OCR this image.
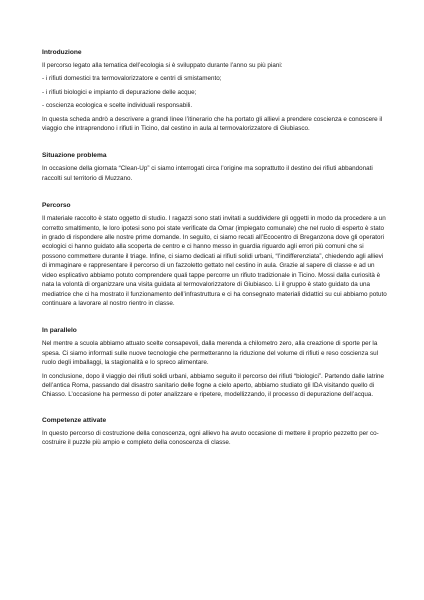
Introduzione
Il percorso legato alla tematica dell’ecologia si è sviluppato durante l’anno su più piani:
- i rifiuti domestici tra termovalorizzatore e centri di smistamento;
- i rifiuti biologici e impianto di depurazione delle acque;
- coscienza ecologica e scelte individuali responsabili.
In questa scheda andrò a descrivere a grandi linee l’itinerario che ha portato gli allievi a prendere coscienza e conoscere il viaggio che intraprendono i rifiuti in Ticino, dal cestino in aula al termovalorizzatore di Giubiasco.
Situazione problema
In occasione della giornata “Clean-Up” ci siamo interrogati circa l’origine ma soprattutto il destino dei rifiuti abbandonati raccolti sul territorio di Muzzano.
Percorso
Il materiale raccolto è stato oggetto di studio. I ragazzi sono stati invitati a suddividere gli oggetti in modo da procedere a un corretto smaltimento, le loro ipotesi sono poi state verificate da Omar (impiegato comunale) che nel ruolo di esperto è stato in grado di rispondere alle nostre prime domande. In seguito, ci siamo recati all’Ecocentro di Breganzona dove gli operatori ecologici ci hanno guidato alla scoperta de centro e ci hanno messo in guardia riguardo agli errori più comuni che si possono commettere durante il triage. Infine, ci siamo dedicati ai rifiuti solidi urbani, “l’indifferenziata”, chiedendo agli allievi di immaginare e rappresentare il percorso di un fazzoletto gettato nel cestino in aula. Grazie al sapere di classe e ad un video esplicativo abbiamo potuto comprendere quali tappe percorre un rifiuto tradizionale in Ticino. Mossi dalla curiosità è nata la volontà di organizzare una visita guidata al termovalorizzatore di Giubiasco. Li il gruppo è stato guidato da una mediatrice che ci ha mostrato il funzionamento dell’infrastruttura e ci ha consegnato materiali didattici su cui abbiamo potuto continuare a lavorare al nostro rientro in classe.
In parallelo
Nel mentre a scuola abbiamo attuato scelte consapevoli, dalla merenda a chilometro zero, alla creazione di sporte per la spesa. Ci siamo informati sulle nuove tecnologie che permetteranno la riduzione del volume di rifiuti e reso coscienza sul ruolo degli imballaggi, la stagionalità e lo spreco alimentare.
In conclusione, dopo il viaggio dei rifiuti solidi urbani, abbiamo seguito il percorso dei rifiuti “biologici”. Partendo dalle latrine dell’antica Roma, passando dal disastro sanitario delle fogne a cielo aperto, abbiamo studiato gli IDA visitando quello di Chiasso. L’occasione ha permesso di poter analizzare e ripetere, modellizzando, il processo di depurazione dell’acqua.
Competenze attivate
In questo percorso di costruzione della conoscenza, ogni allievo ha avuto occasione di mettere il proprio pezzetto per co-costruire il puzzle più ampio e completo della conoscenza di classe.
